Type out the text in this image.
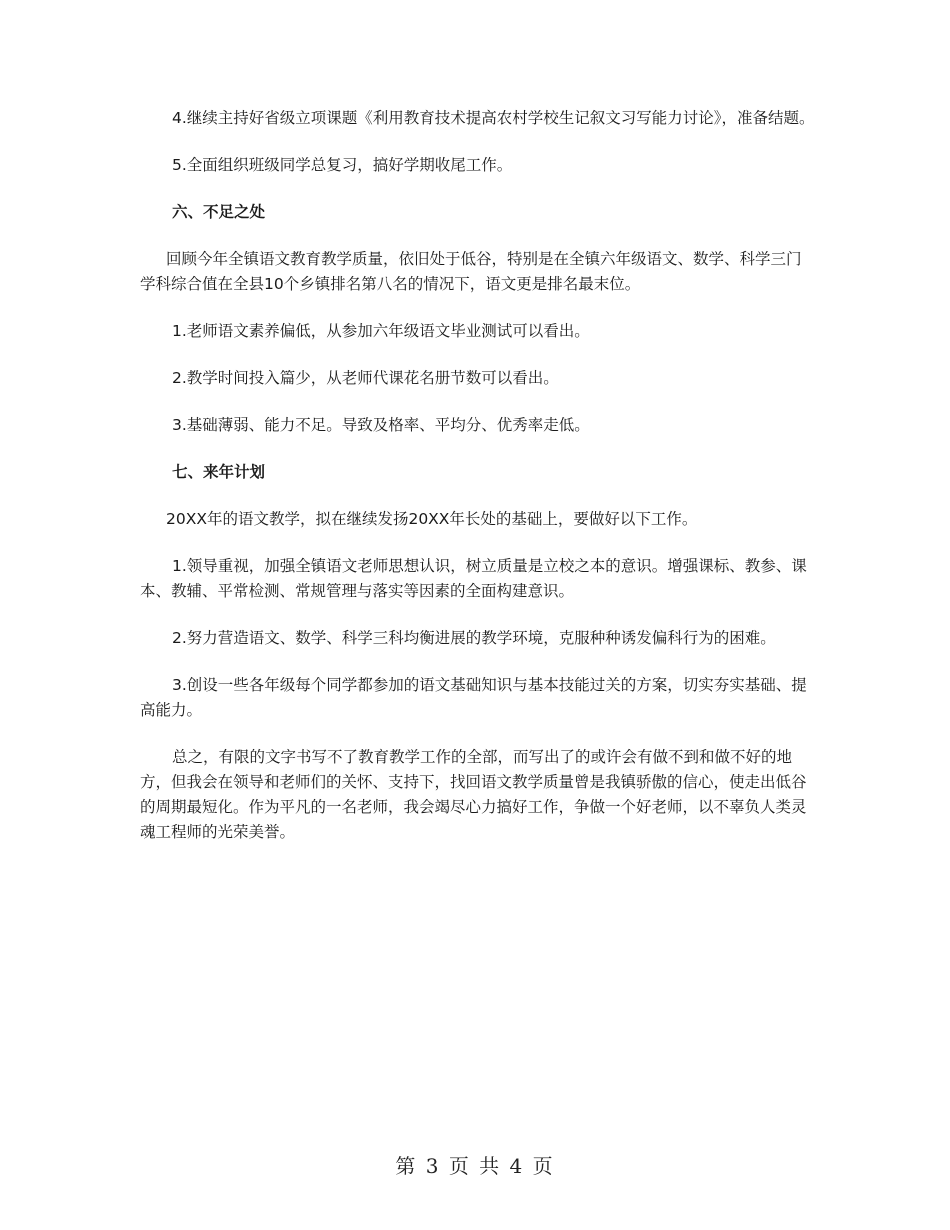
4.继续主持好省级立项课题《利用教育技术提高农村学校生记叙文习写能力讨论》，准备结题。

5.全面组织班级同学总复习，搞好学期收尾工作。

六、不足之处

回顾今年全镇语文教育教学质量，依旧处于低谷，特别是在全镇六年级语文、数学、科学三门学科综合值在全县10个乡镇排名第八名的情况下，语文更是排名最末位。

1.老师语文素养偏低，从参加六年级语文毕业测试可以看出。

2.教学时间投入篇少，从老师代课花名册节数可以看出。

3.基础薄弱、能力不足。导致及格率、平均分、优秀率走低。

七、来年计划

20XX年的语文教学，拟在继续发扬20XX年长处的基础上，要做好以下工作。

1.领导重视，加强全镇语文老师思想认识，树立质量是立校之本的意识。增强课标、教参、课本、教辅、平常检测、常规管理与落实等因素的全面构建意识。

2.努力营造语文、数学、科学三科均衡进展的教学环境，克服种种诱发偏科行为的困难。

3.创设一些各年级每个同学都参加的语文基础知识与基本技能过关的方案，切实夯实基础、提高能力。

总之，有限的文字书写不了教育教学工作的全部，而写出了的或许会有做不到和做不好的地方，但我会在领导和老师们的关怀、支持下，找回语文教学质量曾是我镇骄傲的信心，使走出低谷的周期最短化。作为平凡的一名老师，我会竭尽心力搞好工作，争做一个好老师，以不辜负人类灵魂工程师的光荣美誉。

第 3 页 共 4 页
